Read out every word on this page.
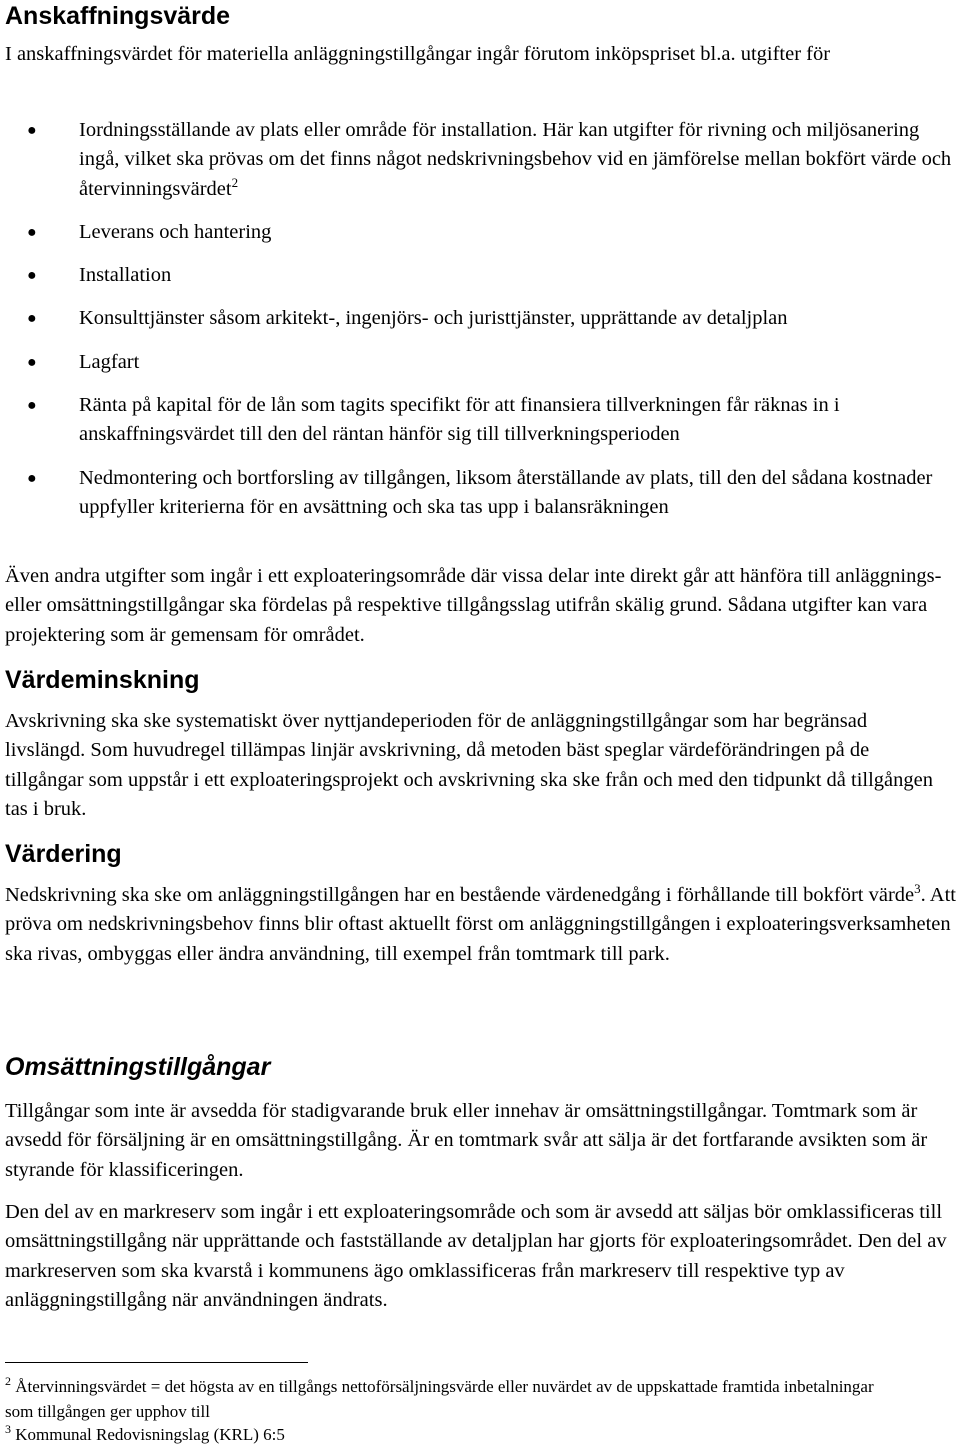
Anskaffningsvärde

I anskaffningsvärdet för materiella anläggningstillgångar ingår förutom inköpspriset bl.a. utgifter för

● Iordningsställande av plats eller område för installation. Här kan utgifter för rivning och miljösanering ingå, vilket ska prövas om det finns något nedskrivningsbehov vid en jämförelse mellan bokfört värde och återvinningsvärdet$^2$
● Leverans och hantering
● Installation
● Konsulttjänster såsom arkitekt-, ingenjörs- och juristtjänster, upprättande av detaljplan
● Lagfart
● Ränta på kapital för de lån som tagits specifikt för att finansiera tillverkningen får räknas in i anskaffningsvärdet till den del räntan hänför sig till tillverkningsperioden
● Nedmontering och bortforsling av tillgången, liksom återställande av plats, till den del sådana kostnader uppfyller kriterierna för en avsättning och ska tas upp i balansräkningen

Även andra utgifter som ingår i ett exploateringsområde där vissa delar inte direkt går att hänföra till anläggnings- eller omsättningstillgångar ska fördelas på respektive tillgångsslag utifrån skälig grund. Sådana utgifter kan vara projektering som är gemensam för området.

Värdeminskning

Avskrivning ska ske systematiskt över nyttjandeperioden för de anläggningstillgångar som har begränsad livslängd. Som huvudregel tillämpas linjär avskrivning, då metoden bäst speglar värdeförändringen på de tillgångar som uppstår i ett exploateringsprojekt och avskrivning ska ske från och med den tidpunkt då tillgången tas i bruk.

Värdering

Nedskrivning ska ske om anläggningstillgången har en bestående värdenedgång i förhållande till bokfört värde$^3$. Att pröva om nedskrivningsbehov finns blir oftast aktuellt först om anläggningstillgången i exploateringsverksamheten ska rivas, ombyggas eller ändra användning, till exempel från tomtmark till park.

Omsättningstillgångar

Tillgångar som inte är avsedda för stadigvarande bruk eller innehav är omsättningstillgångar. Tomtmark som är avsedd för försäljning är en omsättningstillgång. Är en tomtmark svår att sälja är det fortfarande avsikten som är styrande för klassificeringen.

Den del av en markreserv som ingår i ett exploateringsområde och som är avsedd att säljas bör omklassificeras till omsättningstillgång när upprättande och fastställande av detaljplan har gjorts för exploateringsområdet. Den del av markreserven som ska kvarstå i kommunens ägo omklassificeras från markreserv till respektive typ av anläggningstillgång när användningen ändrats.

$^2$ Återvinningsvärdet = det högsta av en tillgångs nettoförsäljningsvärde eller nuvärdet av de uppskattade framtida inbetalningar som tillgången ger upphov till

$^3$ Kommunal Redovisningslag (KRL) 6:5
